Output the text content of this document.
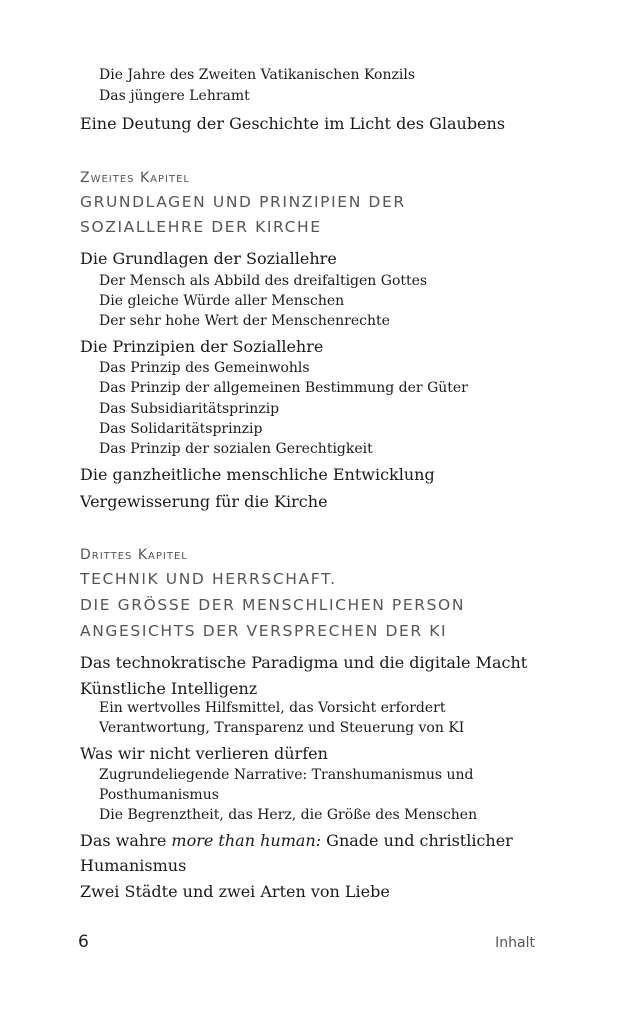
Die Jahre des Zweiten Vatikanischen Konzils
Das jüngere Lehramt
Eine Deutung der Geschichte im Licht des Glaubens
Zweites Kapitel
GRUNDLAGEN UND PRINZIPIEN DER
SOZIALLEHRE DER KIRCHE
Die Grundlagen der Soziallehre
Der Mensch als Abbild des dreifaltigen Gottes
Die gleiche Würde aller Menschen
Der sehr hohe Wert der Menschenrechte
Die Prinzipien der Soziallehre
Das Prinzip des Gemeinwohls
Das Prinzip der allgemeinen Bestimmung der Güter
Das Subsidiaritätsprinzip
Das Solidaritätsprinzip
Das Prinzip der sozialen Gerechtigkeit
Die ganzheitliche menschliche Entwicklung
Vergewisserung für die Kirche
Drittes Kapitel
TECHNIK UND HERRSCHAFT.
DIE GRÖSSE DER MENSCHLICHEN PERSON
ANGESICHTS DER VERSPRECHEN DER KI
Das technokratische Paradigma und die digitale Macht
Künstliche Intelligenz
Ein wertvolles Hilfsmittel, das Vorsicht erfordert
Verantwortung, Transparenz und Steuerung von KI
Was wir nicht verlieren dürfen
Zugrundeliegende Narrative: Transhumanismus und
Posthumanismus
Die Begrenztheit, das Herz, die Größe des Menschen
Das wahre more than human: Gnade und christlicher
Humanismus
Zwei Städte und zwei Arten von Liebe
6	Inhalt
